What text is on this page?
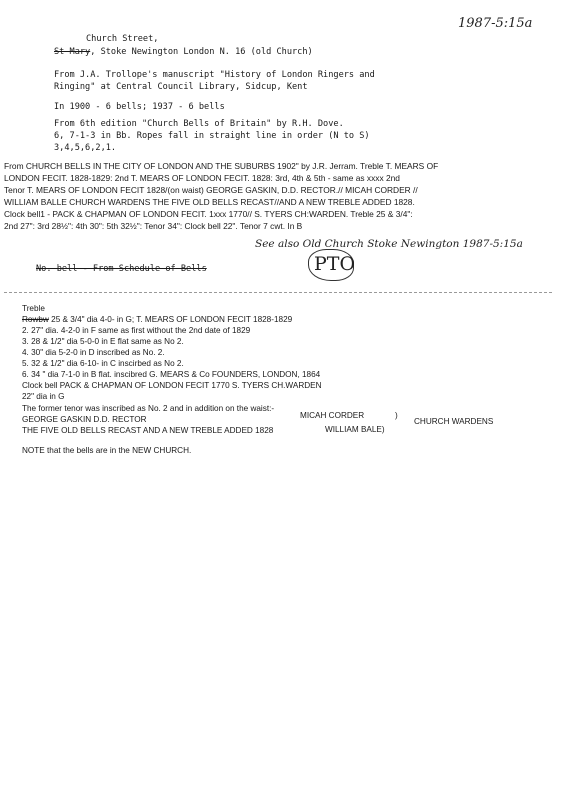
1987-5:15a
Church Street,
St Mary, Stoke Newington London N. 16 (old Church)
From J.A. Trollope's manuscript "History of London Ringers and
Ringing" at Central Council Library, Sidcup, Kent
In 1900 - 6 bells; 1937 - 6 bells
From 6th edition "Church Bells of Britain" by R.H. Dove.
6, 7-1-3 in Bb. Ropes fall in straight line in order (N to S)
3,4,5,6,2,1.
From CHURCH BELLS IN THE CITY OF LONDON AND THE SUBURBS 1902" by J.R. Jerram. Treble T. MEARS OF
LONDON FECIT. 1828-1829: 2nd T. MEARS OF LONDON FECIT. 1828: 3rd, 4th & 5th - same as xxxx 2nd
Tenor T. MEARS OF LONDON FECIT 1828/(on waist) GEORGE GASKIN, D.D. RECTOR.// MICAH CORDER //
WILLIAM BALLE CHURCH WARDENS THE FIVE OLD BELLS RECAST//AND A NEW TREBLE ADDED 1828.
Clock bell1 - PACK & CHAPMAN OF LONDON FECIT. 1xxx 1770// S. TYERS CH:WARDEN. Treble 25 & 3/4":
2nd 27": 3rd 28½": 4th 30": 5th 32½": Tenor 34": Clock bell 22". Tenor 7 cwt. In B
See also Old Church Stoke Newington 1987-5:15a
No. bell - From Schedule of Bells	PTO
Treble
Rowbw 25 & 3/4" dia 4-0- in G; T. MEARS OF LONDON FECIT 1828-1829
2. 27" dia. 4-2-0 in F same as first without the 2nd date of 1829
3. 28 & 1/2" dia 5-0-0 in E flat same as No 2.
4. 30" dia 5-2-0 in D inscribed as No. 2.
5. 32 & 1/2" dia 6-10- in C inscirbed as No 2.
6. 34 " dia 7-1-0 in B flat. inscibred G. MEARS & Co FOUNDERS, LONDON, 1864
Clock bell PACK & CHAPMAN OF LONDON FECIT 1770 S. TYERS CH.WARDEN
22" dia in G
The former tenor was inscribed as No. 2 and in addition on the waist:-
GEORGE GASKIN D.D. RECTOR	MICAH CORDER	)
CHURCH WARDENS
THE FIVE OLD BELLS RECAST AND A NEW TREBLE ADDED 1828	WILLIAM BALE)
NOTE that the bells are in the NEW CHURCH.
